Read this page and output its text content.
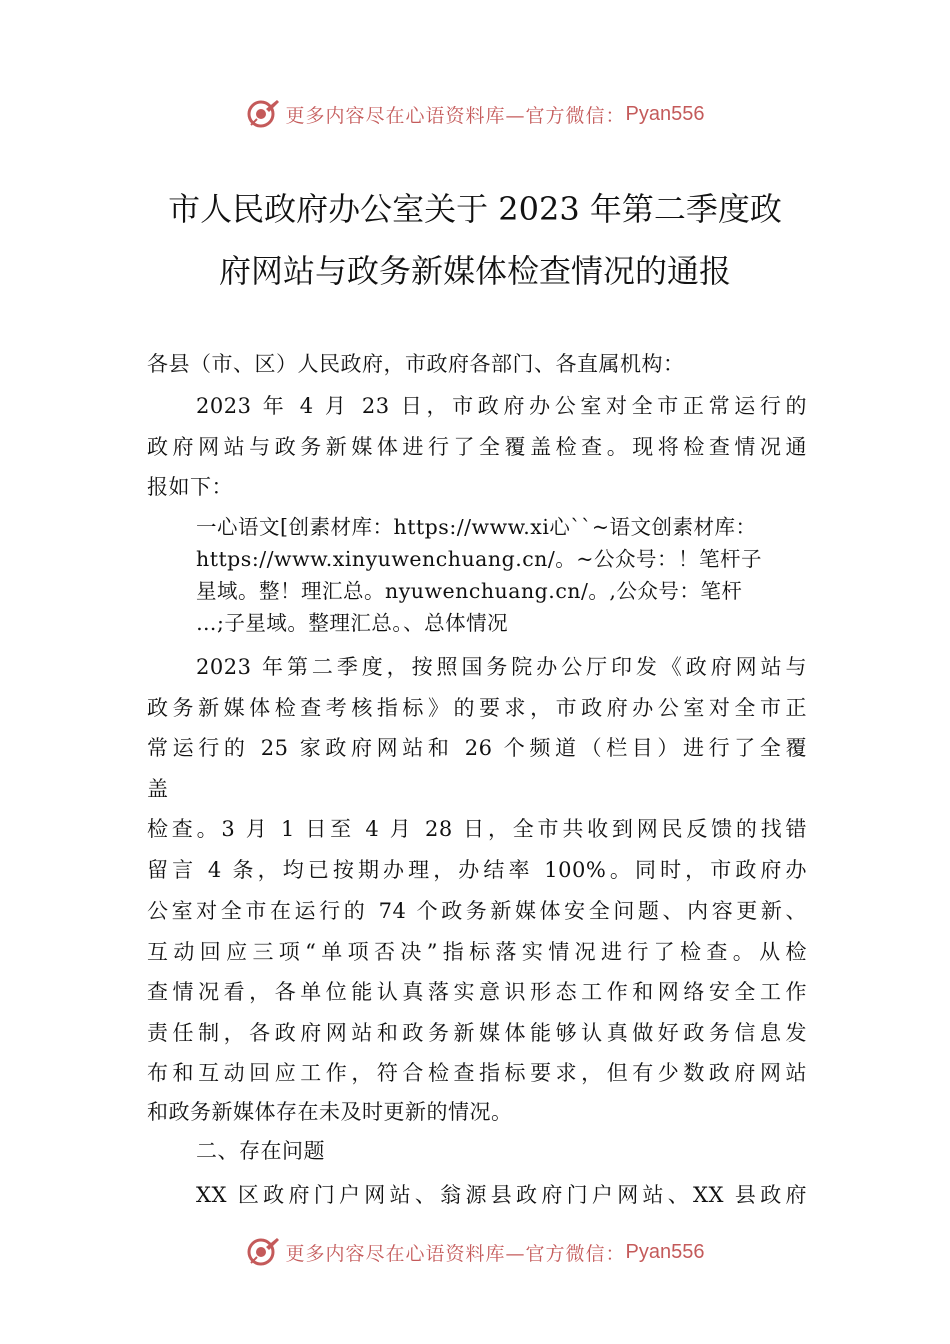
更多内容尽在心语资料库—官方微信： Pyan556
市人民政府办公室关于 2023 年第二季度政
府网站与政务新媒体检查情况的通报
各县（市、区）人民政府，市政府各部门、各直属机构：
2023 年 4 月 23 日，市政府办公室对全市正常运行的
政府网站与政务新媒体进行了全覆盖检查。现将检查情况通
报如下：
一心语文[创素材库：https://www.xi心``~语文创素材库：
https://www.xinyuwenchuang.cn/。~公众号：！笔杆子
星域。整！理汇总。nyuwenchuang.cn/。,公众号：笔杆
…;子星域。整理汇总。、总体情况
2023 年第二季度，按照国务院办公厅印发《政府网站与
政务新媒体检查考核指标》的要求，市政府办公室对全市正
常运行的 25 家政府网站和 26 个频道（栏目）进行了全覆
盖
检查。3 月 1 日至 4 月 28 日，全市共收到网民反馈的找错
留言 4 条，均已按期办理，办结率 100%。同时，市政府办
公室对全市在运行的 74 个政务新媒体安全问题、内容更新、
互动回应三项“单项否决”指标落实情况进行了检查。从检
查情况看，各单位能认真落实意识形态工作和网络安全工作
责任制，各政府网站和政务新媒体能够认真做好政务信息发
布和互动回应工作，符合检查指标要求，但有少数政府网站
和政务新媒体存在未及时更新的情况。
二、存在问题
XX 区政府门户网站、翁源县政府门户网站、XX 县政府
更多内容尽在心语资料库—官方微信： Pyan556
